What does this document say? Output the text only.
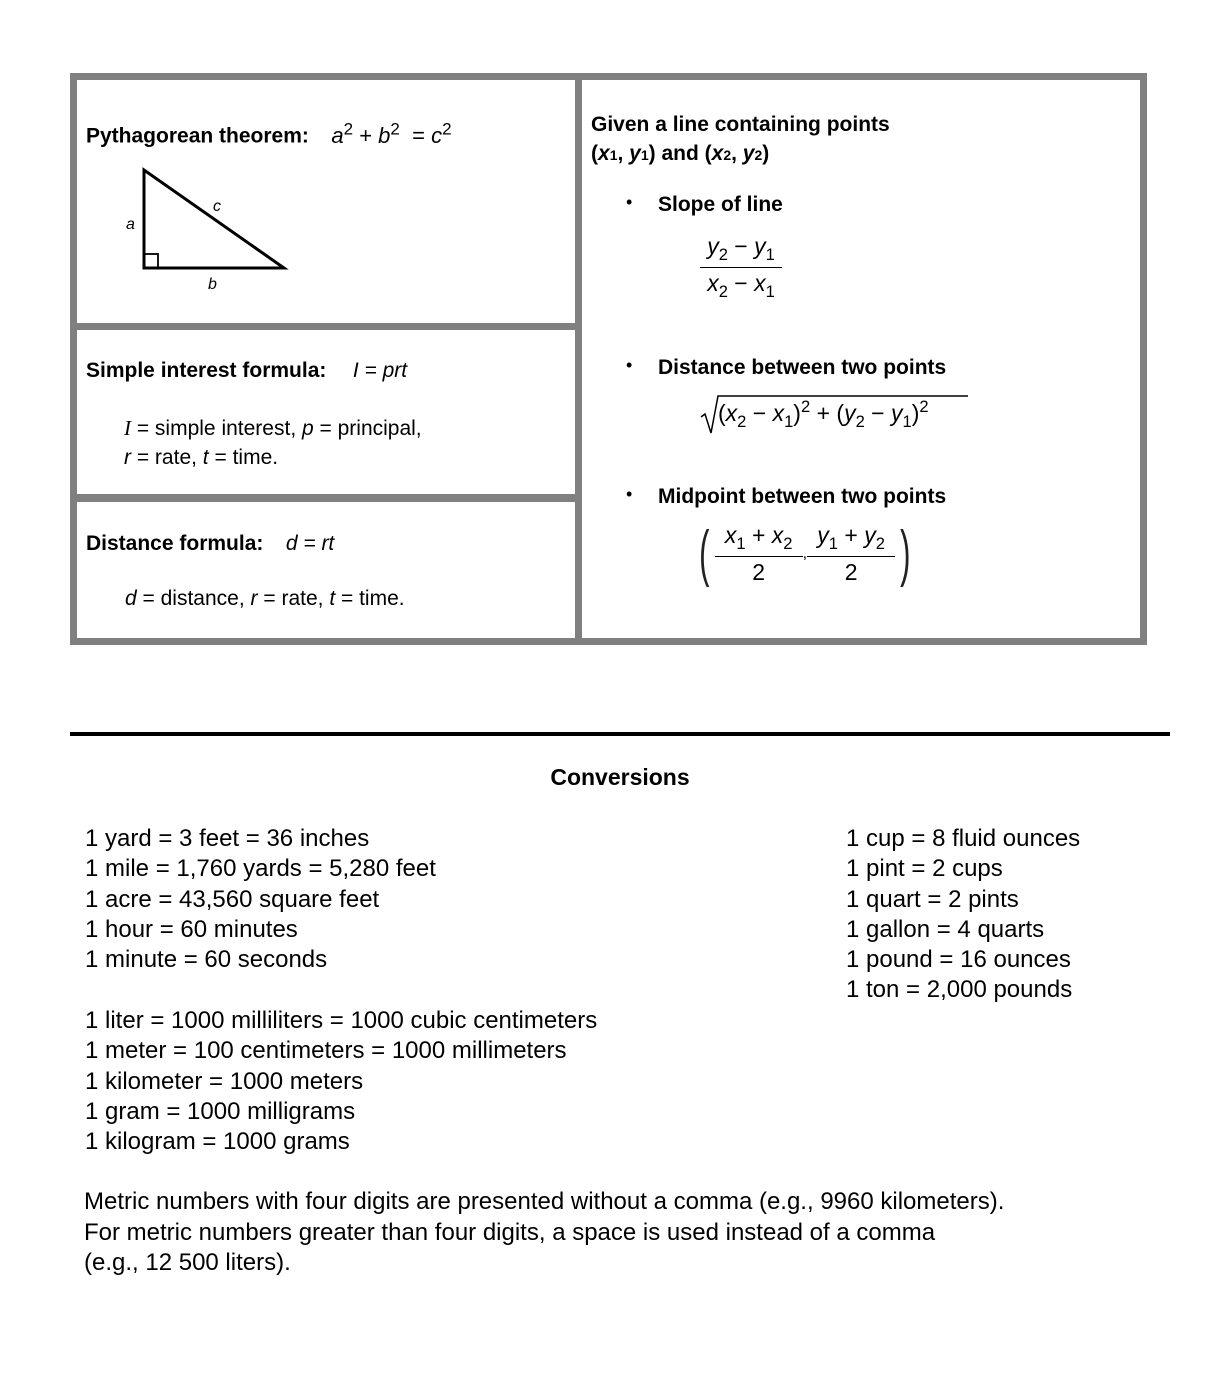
Pythagorean theorem: $a^2 + b^2 = c^2$
a
c
b
Simple interest formula: I = prt
I = simple interest, p = principal,
r = rate, t = time.
Distance formula: d = rt
d = distance, r = rate, t = time.
Given a line containing points
(x1, y1) and (x2, y2)
• Slope of line
$\frac{y_2 - y_1}{x_2 - x_1}$
• Distance between two points
$(x_2 - x_1)^2 + (y_2 - y_1)^2$
• Midpoint between two points
( $\frac{x_1 + x_2}{2}$ , $\frac{y_1 + y_2}{2}$ )
Conversions
1 yard = 3 feet = 36 inches
1 mile = 1,760 yards = 5,280 feet
1 acre = 43,560 square feet
1 hour = 60 minutes
1 minute = 60 seconds
1 cup = 8 fluid ounces
1 pint = 2 cups
1 quart = 2 pints
1 gallon = 4 quarts
1 pound = 16 ounces
1 ton = 2,000 pounds
1 liter = 1000 milliliters = 1000 cubic centimeters
1 meter = 100 centimeters = 1000 millimeters
1 kilometer = 1000 meters
1 gram = 1000 milligrams
1 kilogram = 1000 grams
Metric numbers with four digits are presented without a comma (e.g., 9960 kilometers).
For metric numbers greater than four digits, a space is used instead of a comma
(e.g., 12 500 liters).
